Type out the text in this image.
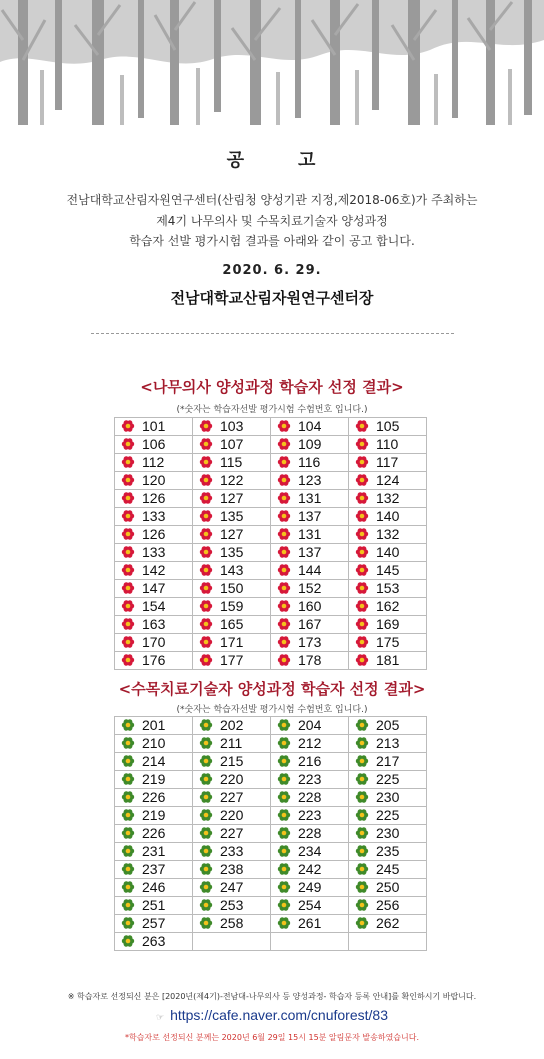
공	고
전남대학교산림자원연구센터(산림청 양성기관 지정,제2018-06호)가 주최하는
제4기 나무의사 및 수목치료기술자 양성과정
학습자 선발 평가시험 결과를 아래와 같이 공고 합니다.
2020. 6. 29.
전남대학교산림자원연구센터장
<나무의사 양성과정 학습자 선정 결과>
(*숫자는 학습자선발 평가시험 수험번호 입니다.)
101	103	104	105
106	107	109	110
112	115	116	117
120	122	123	124
126	127	131	132
133	135	137	140
126	127	131	132
133	135	137	140
142	143	144	145
147	150	152	153
154	159	160	162
163	165	167	169
170	171	173	175
176	177	178	181
<수목치료기술자 양성과정 학습자 선정 결과>
(*숫자는 학습자선발 평가시험 수험번호 입니다.)
201	202	204	205
210	211	212	213
214	215	216	217
219	220	223	225
226	227	228	230
219	220	223	225
226	227	228	230
231	233	234	235
237	238	242	245
246	247	249	250
251	253	254	256
257	258	261	262
263			
※ 학습자로 선정되신 분은 [2020년(제4기)-전남대-나무의사 등 양성과정- 학습자 등록 안내]를 확인하시기 바랍니다.
☞ https://cafe.naver.com/cnuforest/83
*학습자로 선정되신 분께는 2020년 6월 29일 15시 15분 알림문자 발송하였습니다.
